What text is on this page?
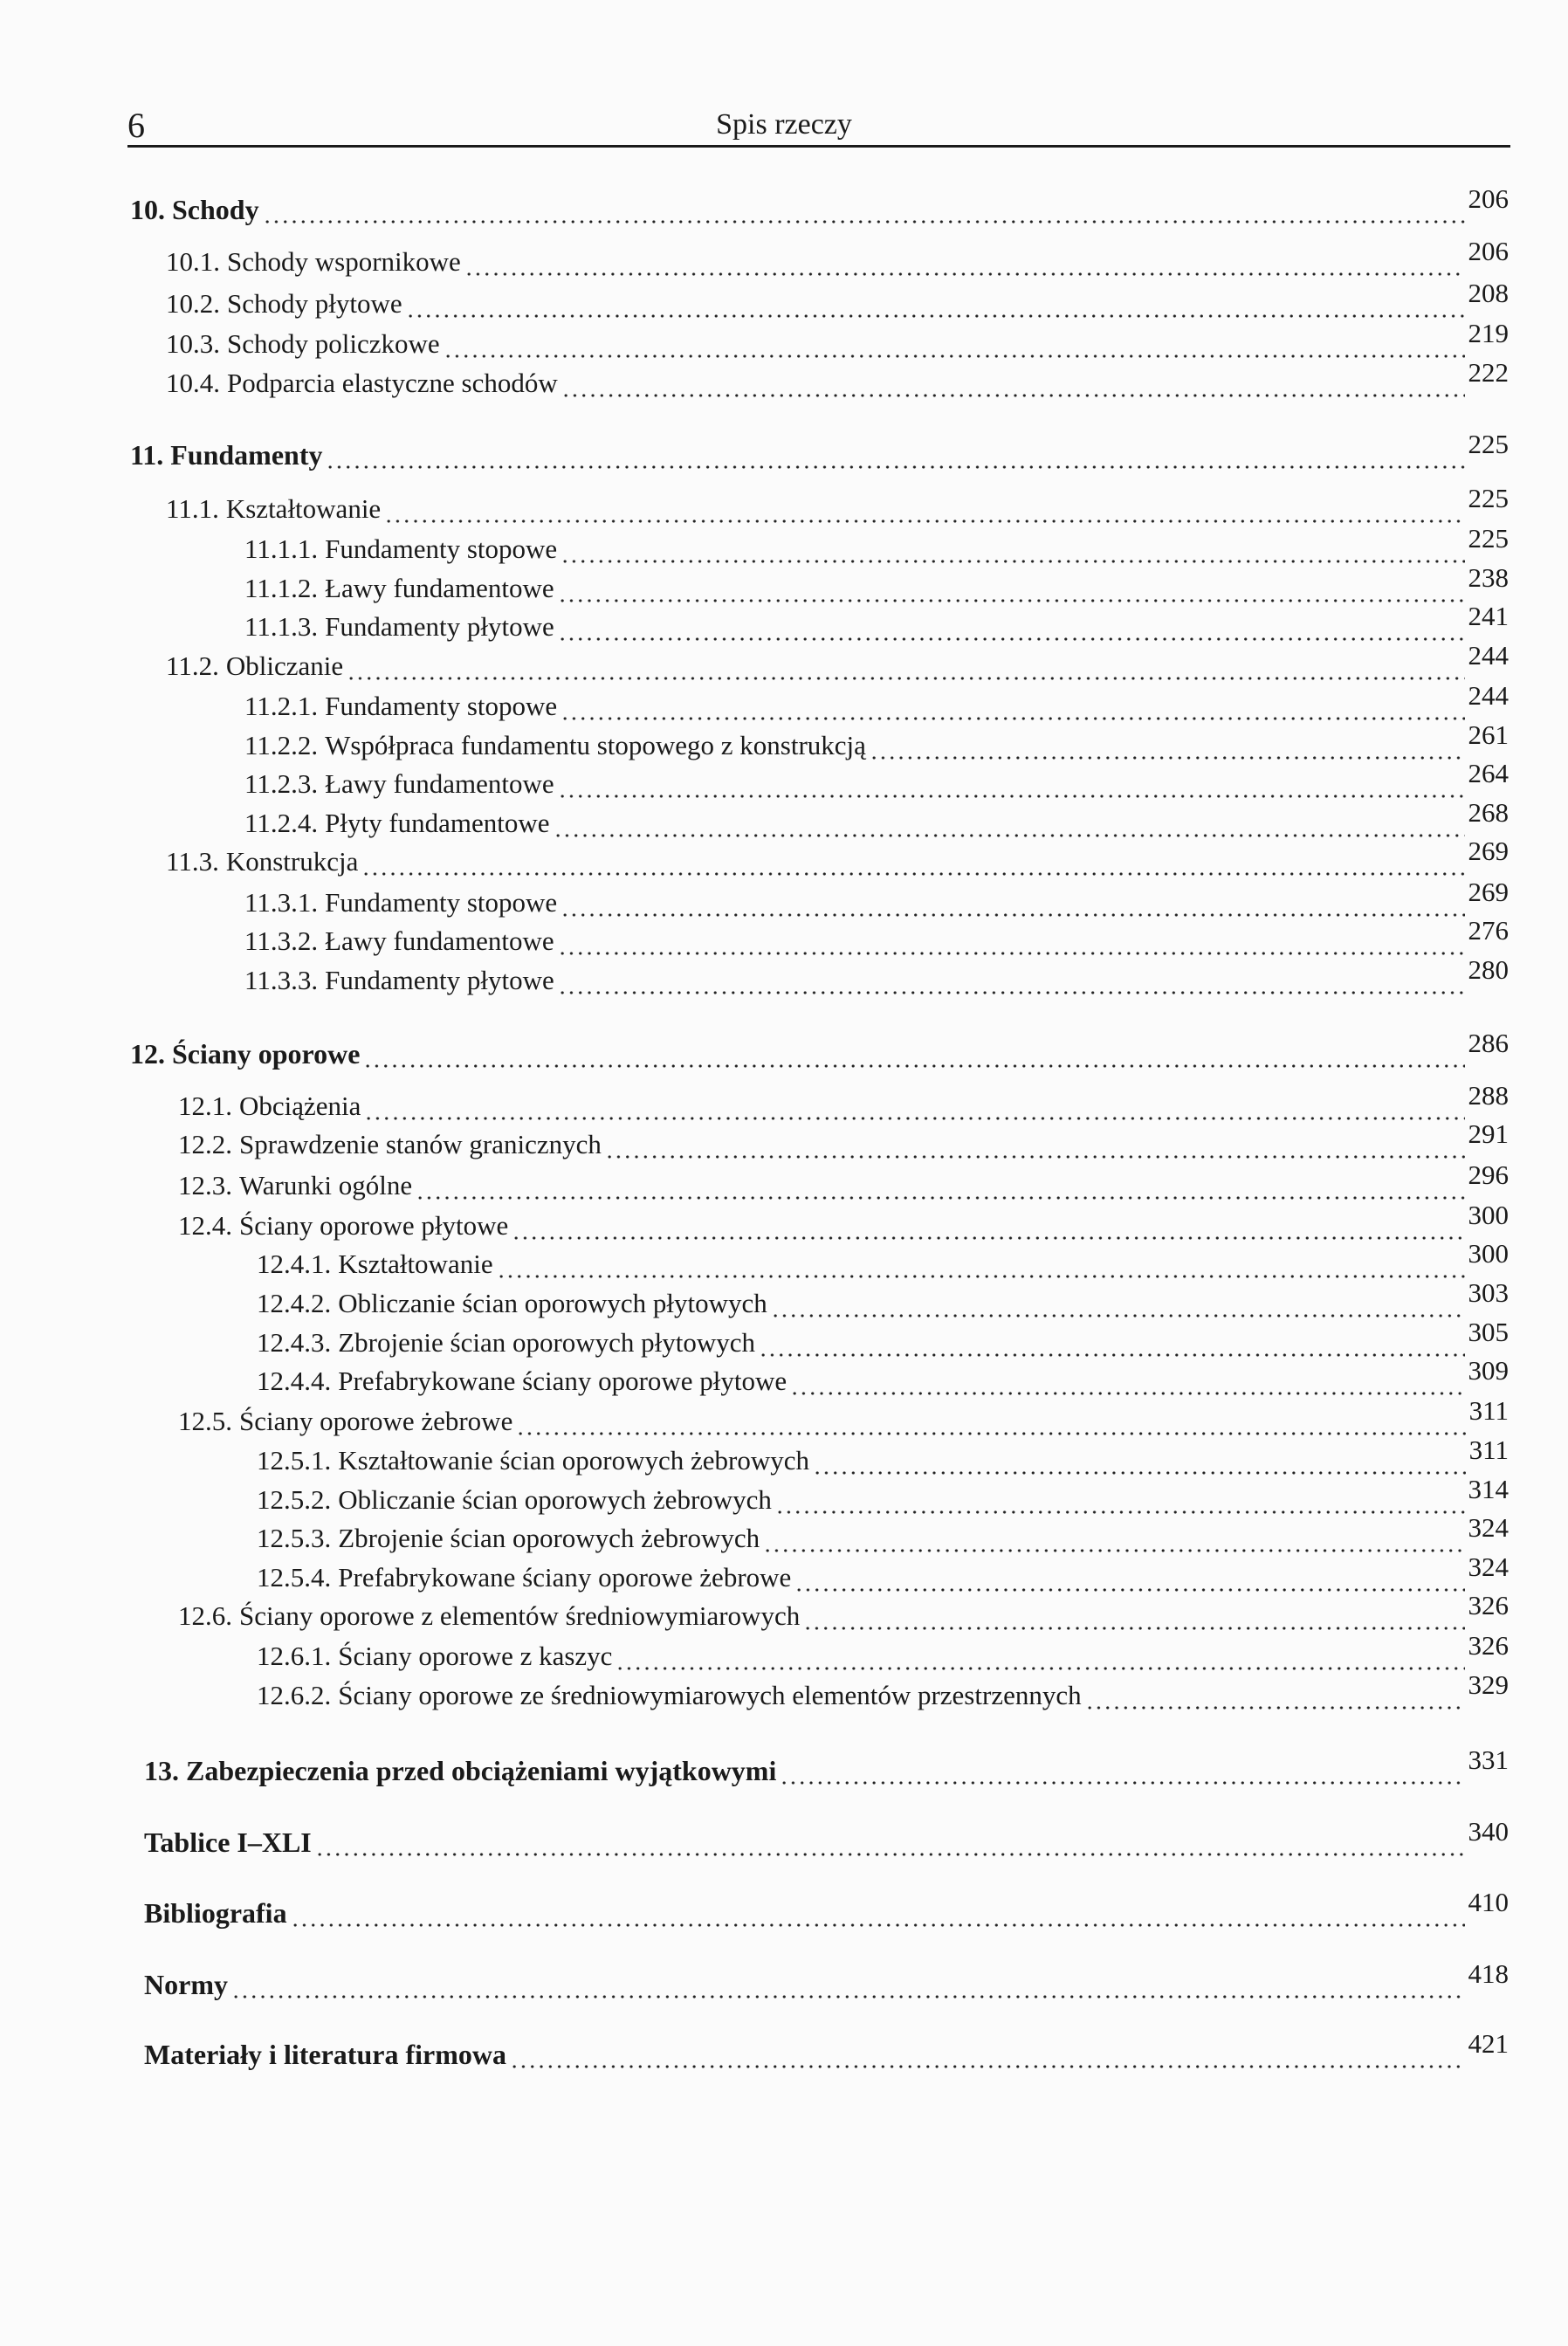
6	Spis rzeczy
10. Schody	206
10.1. Schody wspornikowe	206
10.2. Schody płytowe	208
10.3. Schody policzkowe	219
10.4. Podparcia elastyczne schodów	222
11. Fundamenty	225
11.1. Kształtowanie	225
11.1.1. Fundamenty stopowe	225
11.1.2. Ławy fundamentowe	238
11.1.3. Fundamenty płytowe	241
11.2. Obliczanie	244
11.2.1. Fundamenty stopowe	244
11.2.2. Współpraca fundamentu stopowego z konstrukcją	261
11.2.3. Ławy fundamentowe	264
11.2.4. Płyty fundamentowe	268
11.3. Konstrukcja	269
11.3.1. Fundamenty stopowe	269
11.3.2. Ławy fundamentowe	276
11.3.3. Fundamenty płytowe	280
12. Ściany oporowe	286
12.1. Obciążenia	288
12.2. Sprawdzenie stanów granicznych	291
12.3. Warunki ogólne	296
12.4. Ściany oporowe płytowe	300
12.4.1. Kształtowanie	300
12.4.2. Obliczanie ścian oporowych płytowych	303
12.4.3. Zbrojenie ścian oporowych płytowych	305
12.4.4. Prefabrykowane ściany oporowe płytowe	309
12.5. Ściany oporowe żebrowe	311
12.5.1. Kształtowanie ścian oporowych żebrowych	311
12.5.2. Obliczanie ścian oporowych żebrowych	314
12.5.3. Zbrojenie ścian oporowych żebrowych	324
12.5.4. Prefabrykowane ściany oporowe żebrowe	324
12.6. Ściany oporowe z elementów średniowymiarowych	326
12.6.1. Ściany oporowe z kaszyc	326
12.6.2. Ściany oporowe ze średniowymiarowych elementów przestrzennych	329
13. Zabezpieczenia przed obciążeniami wyjątkowymi	331
Tablice I–XLI	340
Bibliografia	410
Normy	418
Materiały i literatura firmowa	421
